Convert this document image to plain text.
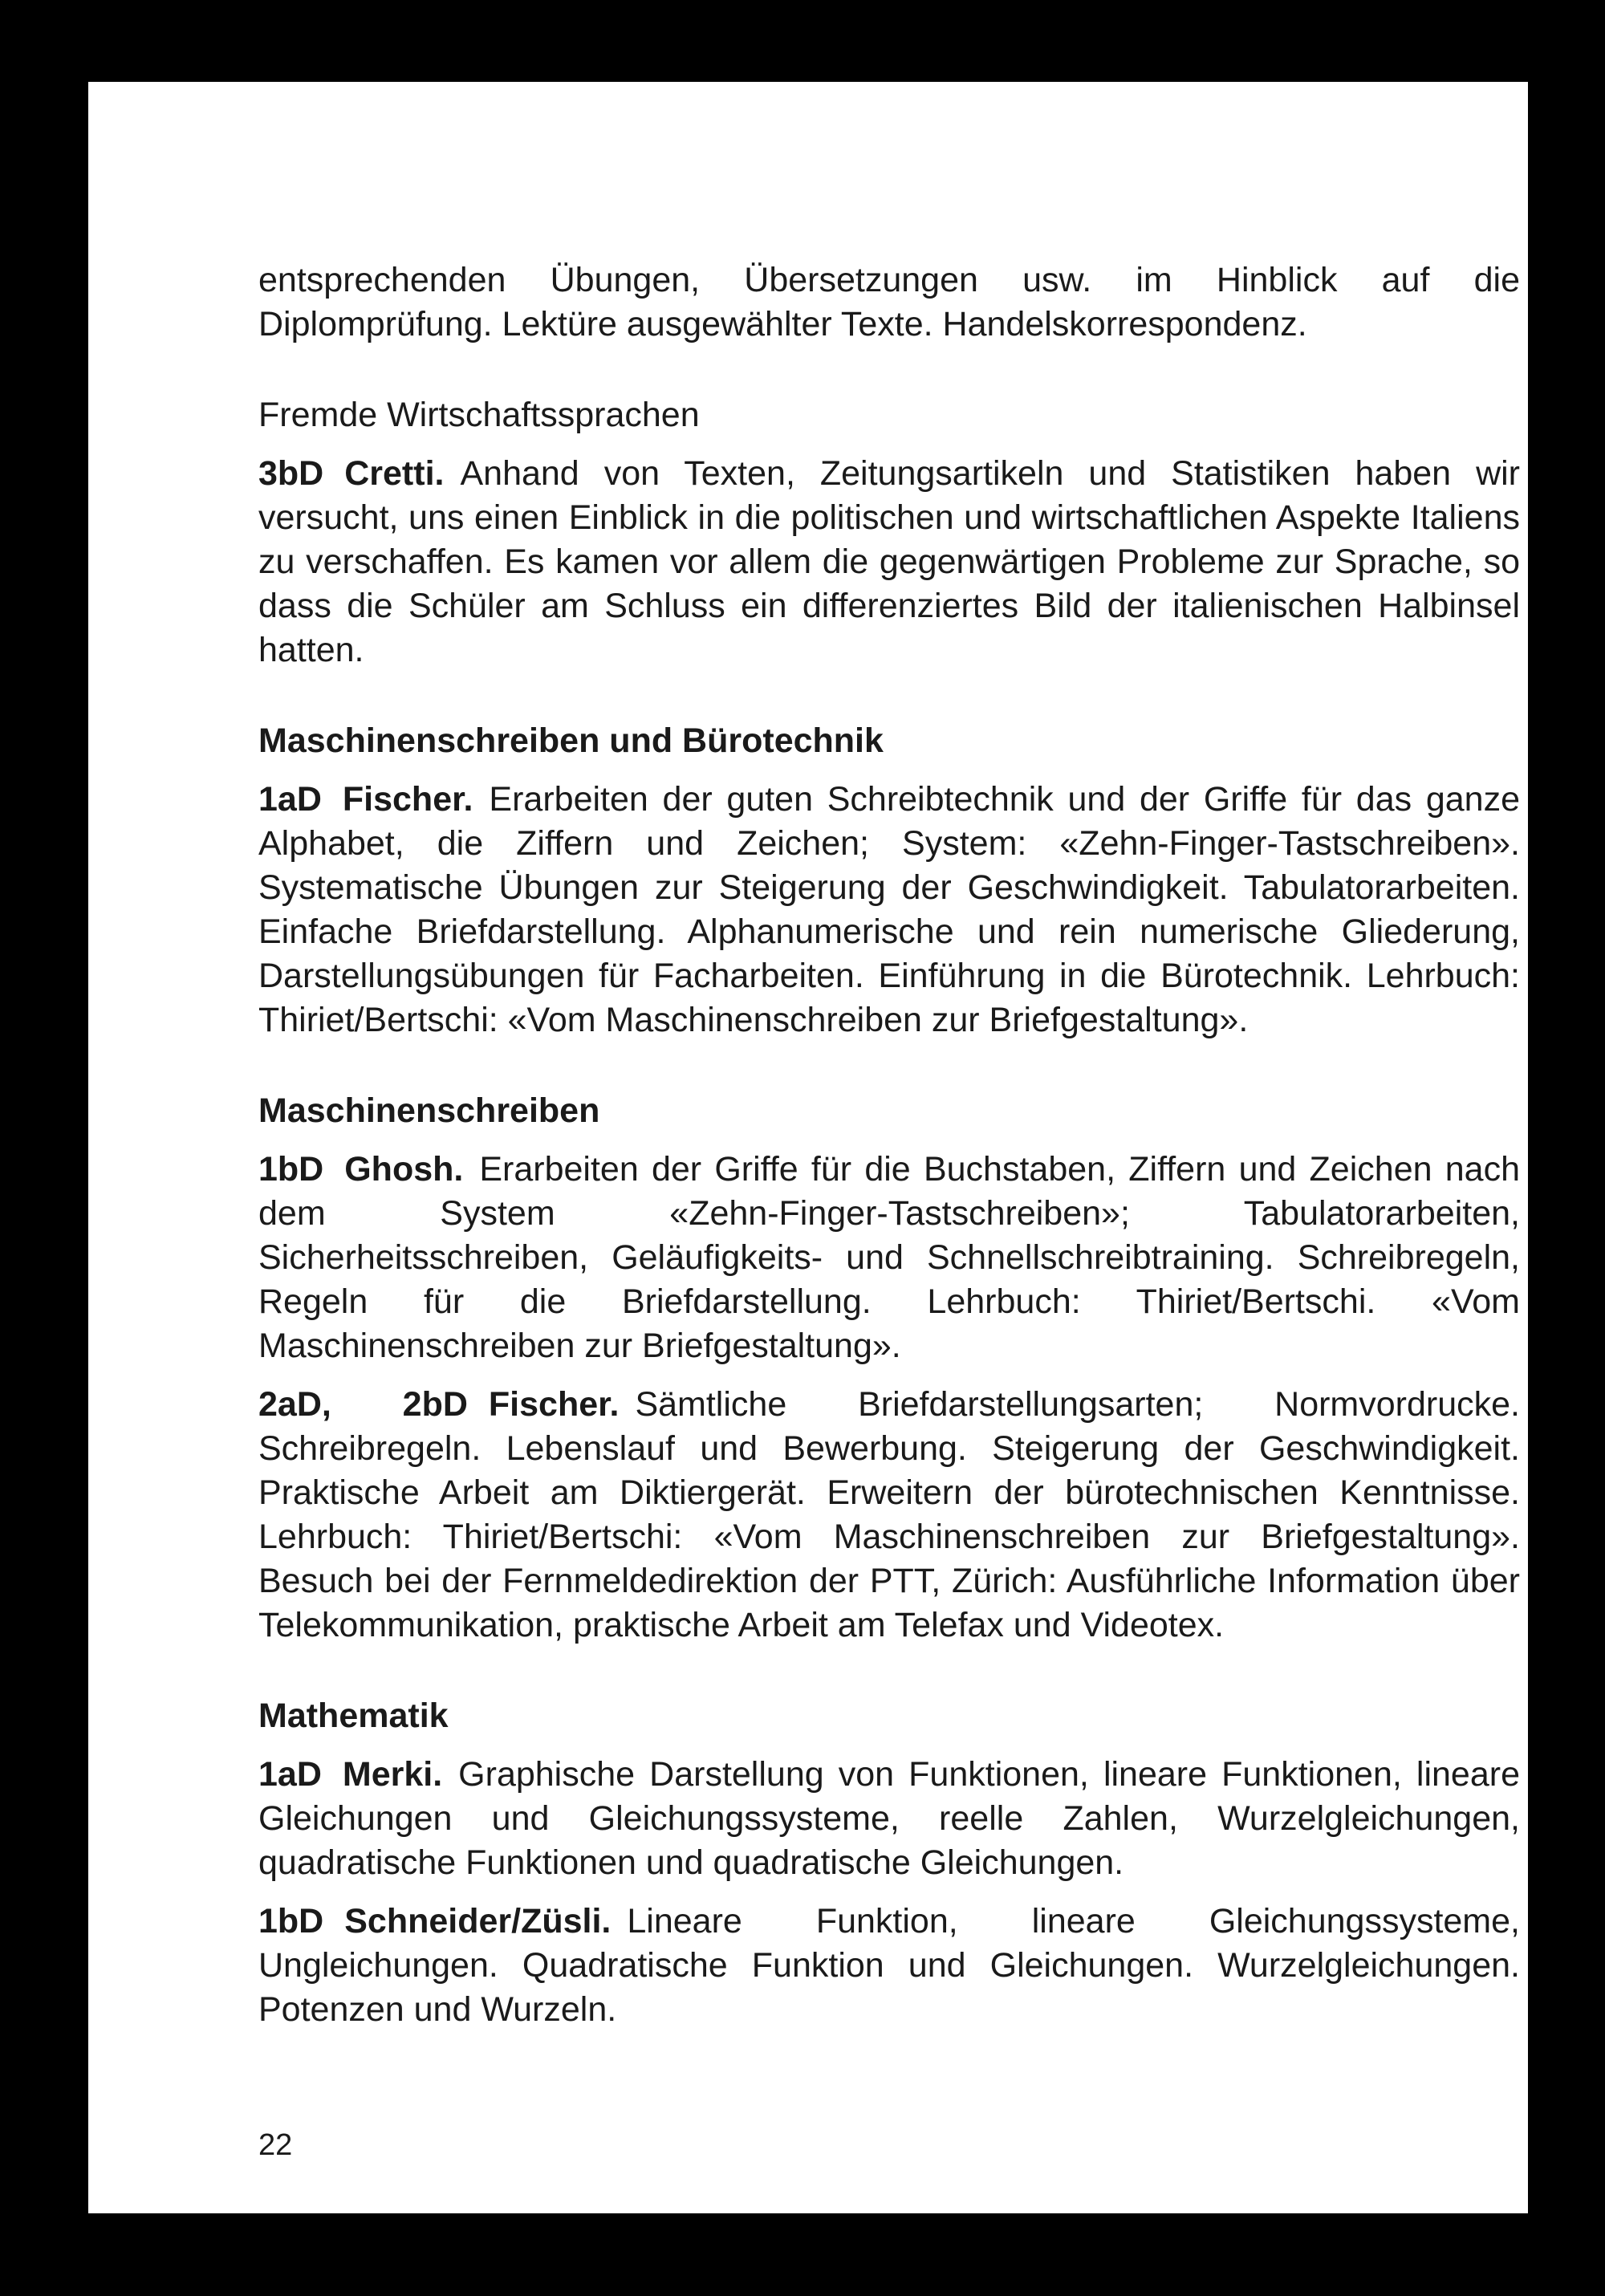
entsprechenden Übungen, Übersetzungen usw. im Hinblick auf die Diplomprüfung. Lektüre ausgewählter Texte. Handelskorrespondenz.

Fremde Wirtschaftssprachen

3bD Cretti. Anhand von Texten, Zeitungsartikeln und Statistiken haben wir versucht, uns einen Einblick in die politischen und wirtschaftlichen Aspekte Italiens zu verschaffen. Es kamen vor allem die gegenwärtigen Probleme zur Sprache, so dass die Schüler am Schluss ein differenziertes Bild der italienischen Halbinsel hatten.

Maschinenschreiben und Bürotechnik

1aD Fischer. Erarbeiten der guten Schreibtechnik und der Griffe für das ganze Alphabet, die Ziffern und Zeichen; System: «Zehn-Finger-Tastschreiben». Systematische Übungen zur Steigerung der Geschwindigkeit. Tabulatorarbeiten. Einfache Briefdarstellung. Alphanumerische und rein numerische Gliederung, Darstellungsübungen für Facharbeiten. Einführung in die Bürotechnik. Lehrbuch: Thiriet/Bertschi: «Vom Maschinenschreiben zur Briefgestaltung».

Maschinenschreiben

1bD Ghosh. Erarbeiten der Griffe für die Buchstaben, Ziffern und Zeichen nach dem System «Zehn-Finger-Tastschreiben»; Tabulatorarbeiten, Sicherheitsschreiben, Geläufigkeits- und Schnellschreibtraining. Schreibregeln, Regeln für die Briefdarstellung. Lehrbuch: Thiriet/Bertschi. «Vom Maschinenschreiben zur Briefgestaltung».

2aD, 2bD Fischer. Sämtliche Briefdarstellungsarten; Normvordrucke. Schreibregeln. Lebenslauf und Bewerbung. Steigerung der Geschwindigkeit. Praktische Arbeit am Diktiergerät. Erweitern der bürotechnischen Kenntnisse. Lehrbuch: Thiriet/Bertschi: «Vom Maschinenschreiben zur Briefgestaltung». Besuch bei der Fernmeldedirektion der PTT, Zürich: Ausführliche Information über Telekommunikation, praktische Arbeit am Telefax und Videotex.

Mathematik

1aD Merki. Graphische Darstellung von Funktionen, lineare Funktionen, lineare Gleichungen und Gleichungssysteme, reelle Zahlen, Wurzelgleichungen, quadratische Funktionen und quadratische Gleichungen.

1bD Schneider/Züsli. Lineare Funktion, lineare Gleichungssysteme, Ungleichungen. Quadratische Funktion und Gleichungen. Wurzelgleichungen. Potenzen und Wurzeln.

22
